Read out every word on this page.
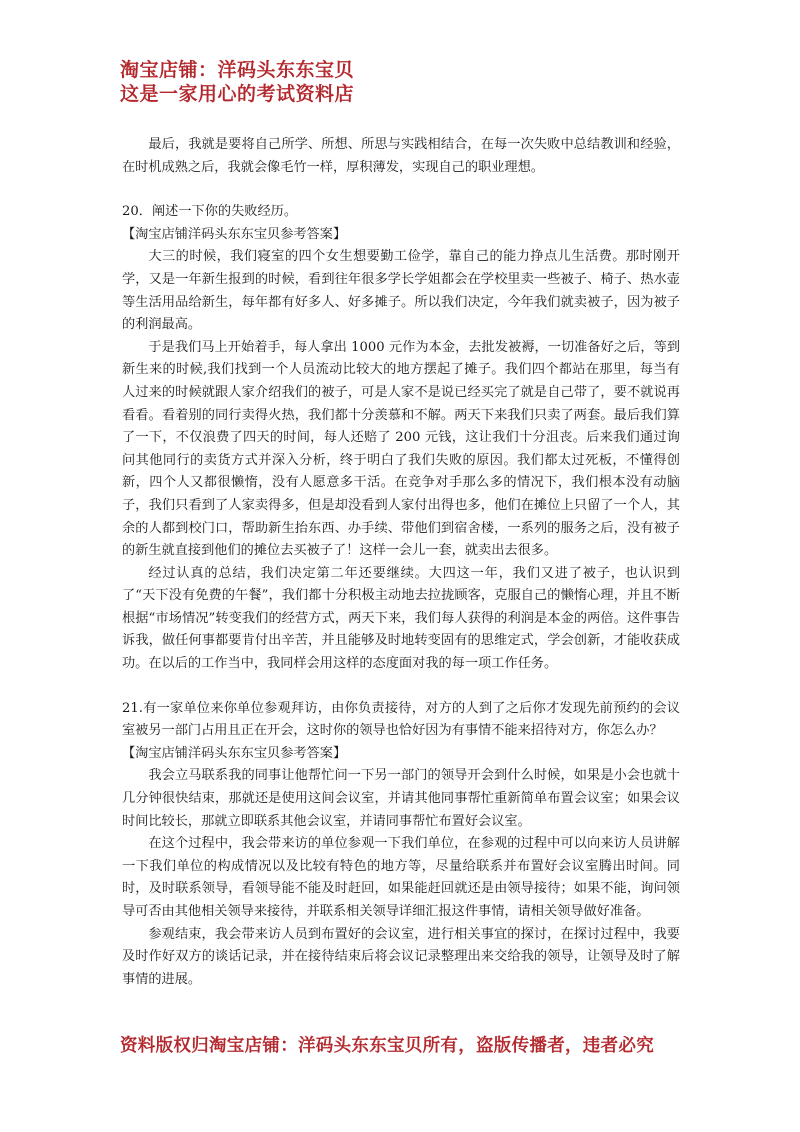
淘宝店铺：洋码头东东宝贝
这是一家用心的考试资料店

最后，我就是要将自己所学、所想、所思与实践相结合，在每一次失败中总结教训和经验，在时机成熟之后，我就会像毛竹一样，厚积薄发，实现自己的职业理想。

20．阐述一下你的失败经历。

【淘宝店铺洋码头东东宝贝参考答案】

大三的时候，我们寝室的四个女生想要勤工俭学，靠自己的能力挣点儿生活费。那时刚开学，又是一年新生报到的时候，看到往年很多学长学姐都会在学校里卖一些被子、椅子、热水壶等生活用品给新生，每年都有好多人、好多摊子。所以我们决定，今年我们就卖被子，因为被子的利润最高。

于是我们马上开始着手，每人拿出 1000 元作为本金，去批发被褥，一切准备好之后，等到新生来的时候,我们找到一个人员流动比较大的地方摆起了摊子。我们四个都站在那里，每当有人过来的时候就跟人家介绍我们的被子，可是人家不是说已经买完了就是自己带了，要不就说再看看。看着别的同行卖得火热，我们都十分羡慕和不解。两天下来我们只卖了两套。最后我们算了一下，不仅浪费了四天的时间，每人还赔了 200 元钱，这让我们十分沮丧。后来我们通过询问其他同行的卖货方式并深入分析，终于明白了我们失败的原因。我们都太过死板，不懂得创新，四个人又都很懒惰，没有人愿意多干活。在竞争对手那么多的情况下，我们根本没有动脑子，我们只看到了人家卖得多，但是却没看到人家付出得也多，他们在摊位上只留了一个人，其余的人都到校门口，帮助新生抬东西、办手续、带他们到宿舍楼，一系列的服务之后，没有被子的新生就直接到他们的摊位去买被子了！这样一会儿一套，就卖出去很多。

经过认真的总结，我们决定第二年还要继续。大四这一年，我们又进了被子，也认识到了“天下没有免费的午餐”，我们都十分积极主动地去拉拢顾客，克服自己的懒惰心理，并且不断根据“市场情况”转变我们的经营方式，两天下来，我们每人获得的利润是本金的两倍。这件事告诉我，做任何事都要肯付出辛苦，并且能够及时地转变固有的思维定式，学会创新，才能收获成功。在以后的工作当中，我同样会用这样的态度面对我的每一项工作任务。

21.有一家单位来你单位参观拜访，由你负责接待，对方的人到了之后你才发现先前预约的会议室被另一部门占用且正在开会，这时你的领导也恰好因为有事情不能来招待对方，你怎么办？

【淘宝店铺洋码头东东宝贝参考答案】

我会立马联系我的同事让他帮忙问一下另一部门的领导开会到什么时候，如果是小会也就十几分钟很快结束，那就还是使用这间会议室，并请其他同事帮忙重新简单布置会议室；如果会议时间比较长，那就立即联系其他会议室，并请同事帮忙布置好会议室。

在这个过程中，我会带来访的单位参观一下我们单位，在参观的过程中可以向来访人员讲解一下我们单位的构成情况以及比较有特色的地方等，尽量给联系并布置好会议室腾出时间。同时，及时联系领导，看领导能不能及时赶回，如果能赶回就还是由领导接待；如果不能，询问领导可否由其他相关领导来接待，并联系相关领导详细汇报这件事情，请相关领导做好准备。

参观结束，我会带来访人员到布置好的会议室，进行相关事宜的探讨，在探讨过程中，我要及时作好双方的谈话记录，并在接待结束后将会议记录整理出来交给我的领导，让领导及时了解事情的进展。

资料版权归淘宝店铺：洋码头东东宝贝所有，盗版传播者，违者必究
